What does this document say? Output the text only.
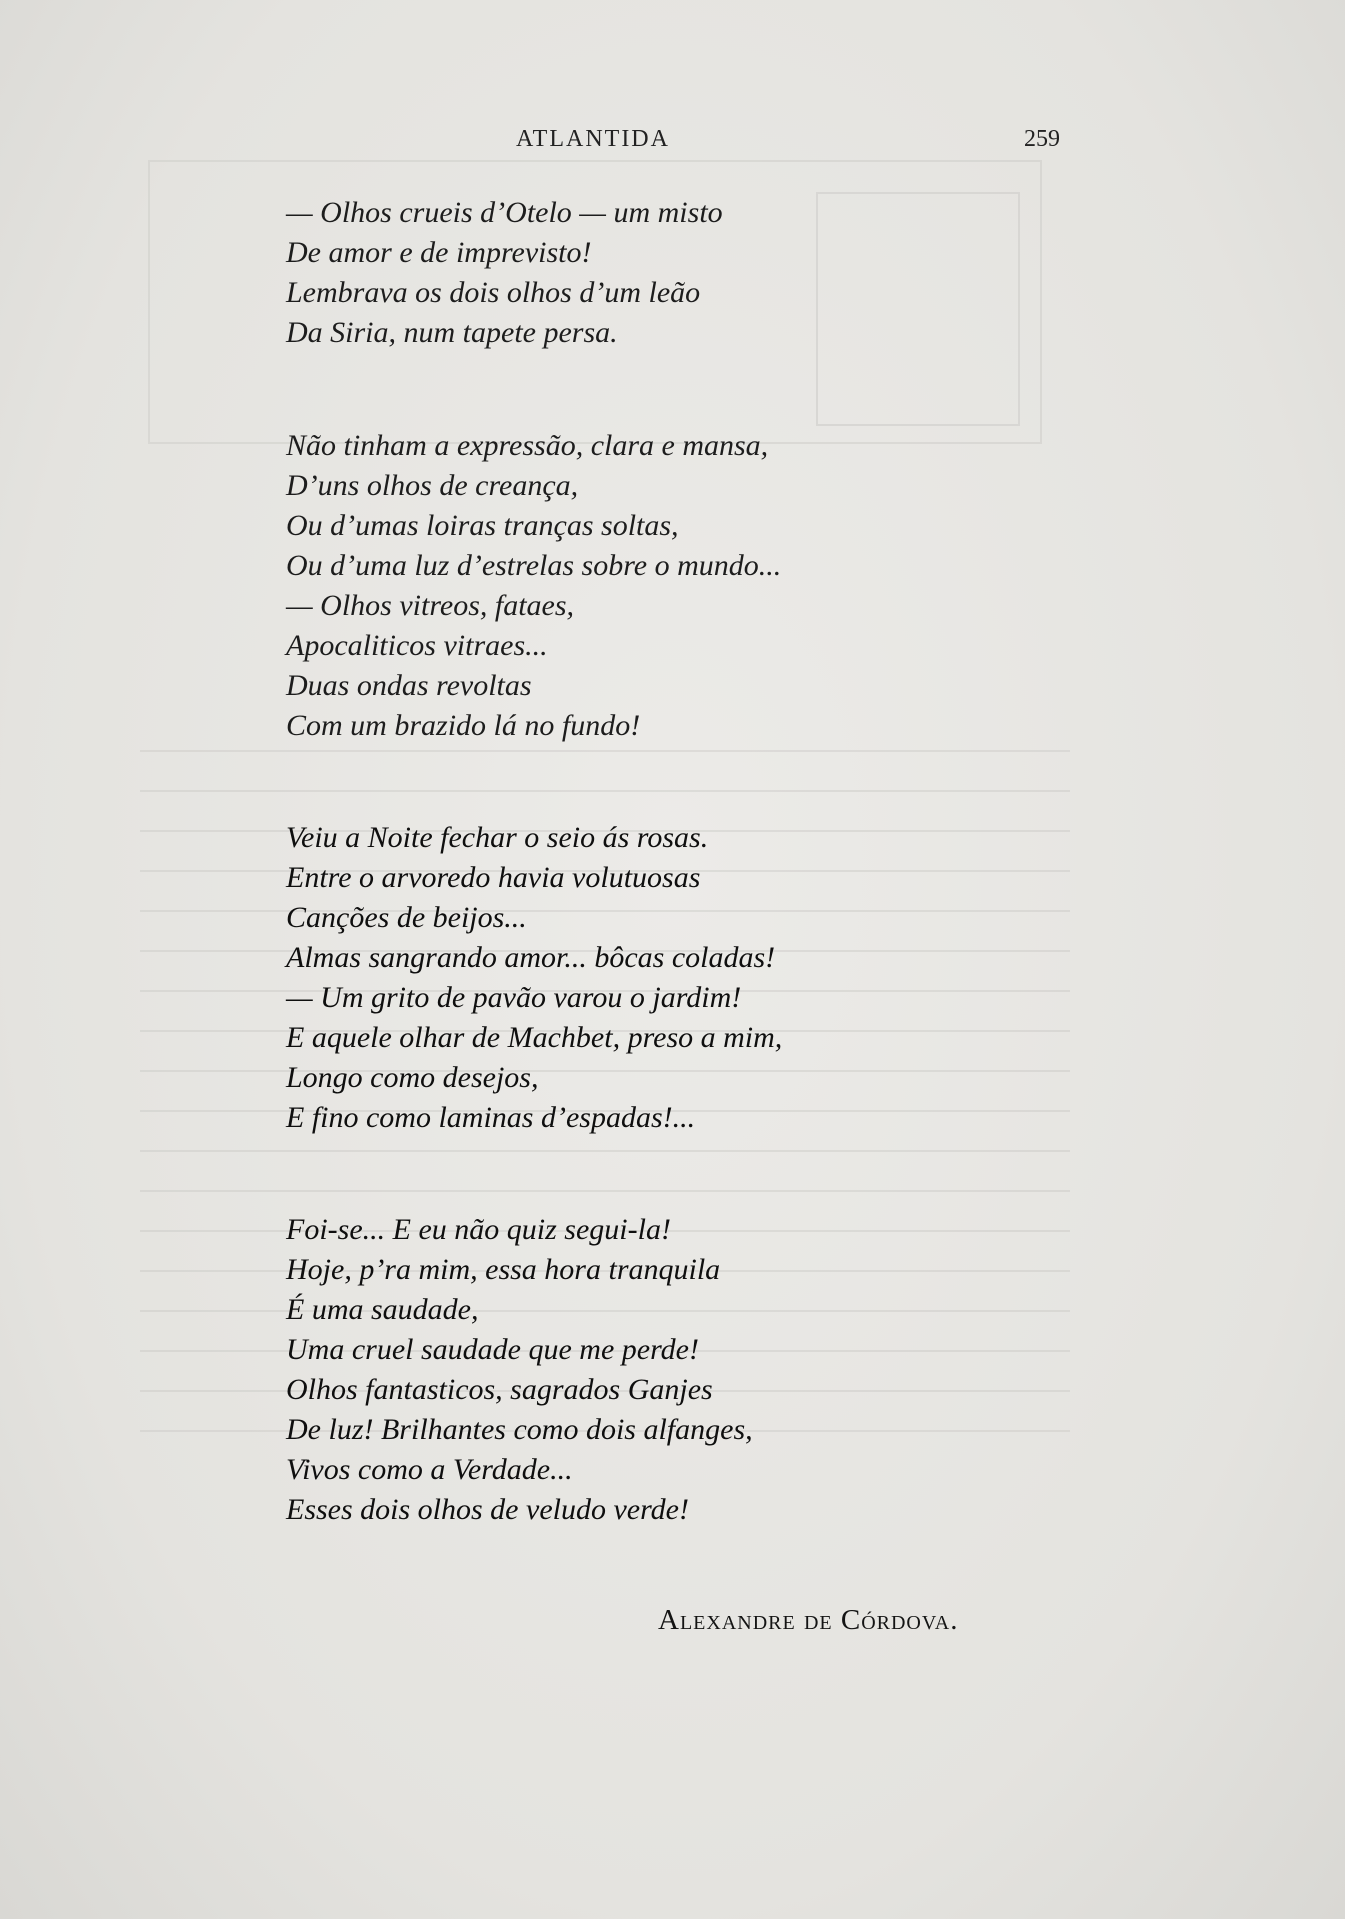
ATLANTIDA	259
— Olhos crueis d’Otelo — um misto
De amor e de imprevisto!
Lembrava os dois olhos d’um leão
Da Siria, num tapete persa.
Não tinham a expressão, clara e mansa,
D’uns olhos de creança,
Ou d’umas loiras tranças soltas,
Ou d’uma luz d’estrelas sobre o mundo...
— Olhos vitreos, fataes,
Apocaliticos vitraes...
Duas ondas revoltas
Com um brazido lá no fundo!
Veiu a Noite fechar o seio ás rosas.
Entre o arvoredo havia volutuosas
Canções de beijos...
Almas sangrando amor... bôcas coladas!
— Um grito de pavão varou o jardim!
E aquele olhar de Machbet, preso a mim,
Longo como desejos,
E fino como laminas d’espadas!...
Foi-se... E eu não quiz segui-la!
Hoje, p’ra mim, essa hora tranquila
É uma saudade,
Uma cruel saudade que me perde!
Olhos fantasticos, sagrados Ganjes
De luz! Brilhantes como dois alfanges,
Vivos como a Verdade...
Esses dois olhos de veludo verde!
Alexandre de Córdova.
